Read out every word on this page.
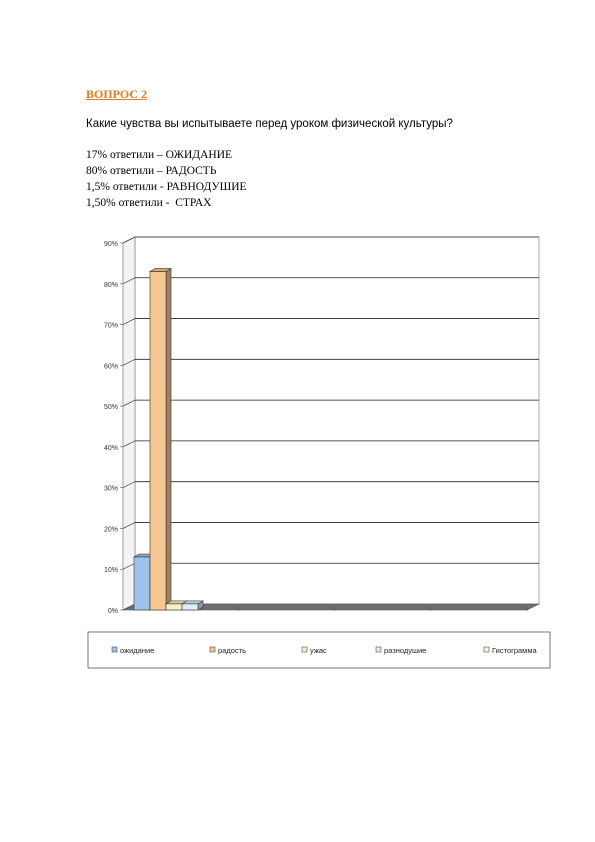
ВОПРОС 2

Какие чувства вы испытываете перед уроком физической культуры?

17% ответили – ОЖИДАНИЕ
80% ответили – РАДОСТЬ
1,5% ответили - РАВНОДУШИЕ
1,50% ответили -  СТРАХ
0%
10%
20%
30%
40%
50%
60%
70%
80%
90%
ожидание	радость	ужас	разнодушие	Гистограмма
